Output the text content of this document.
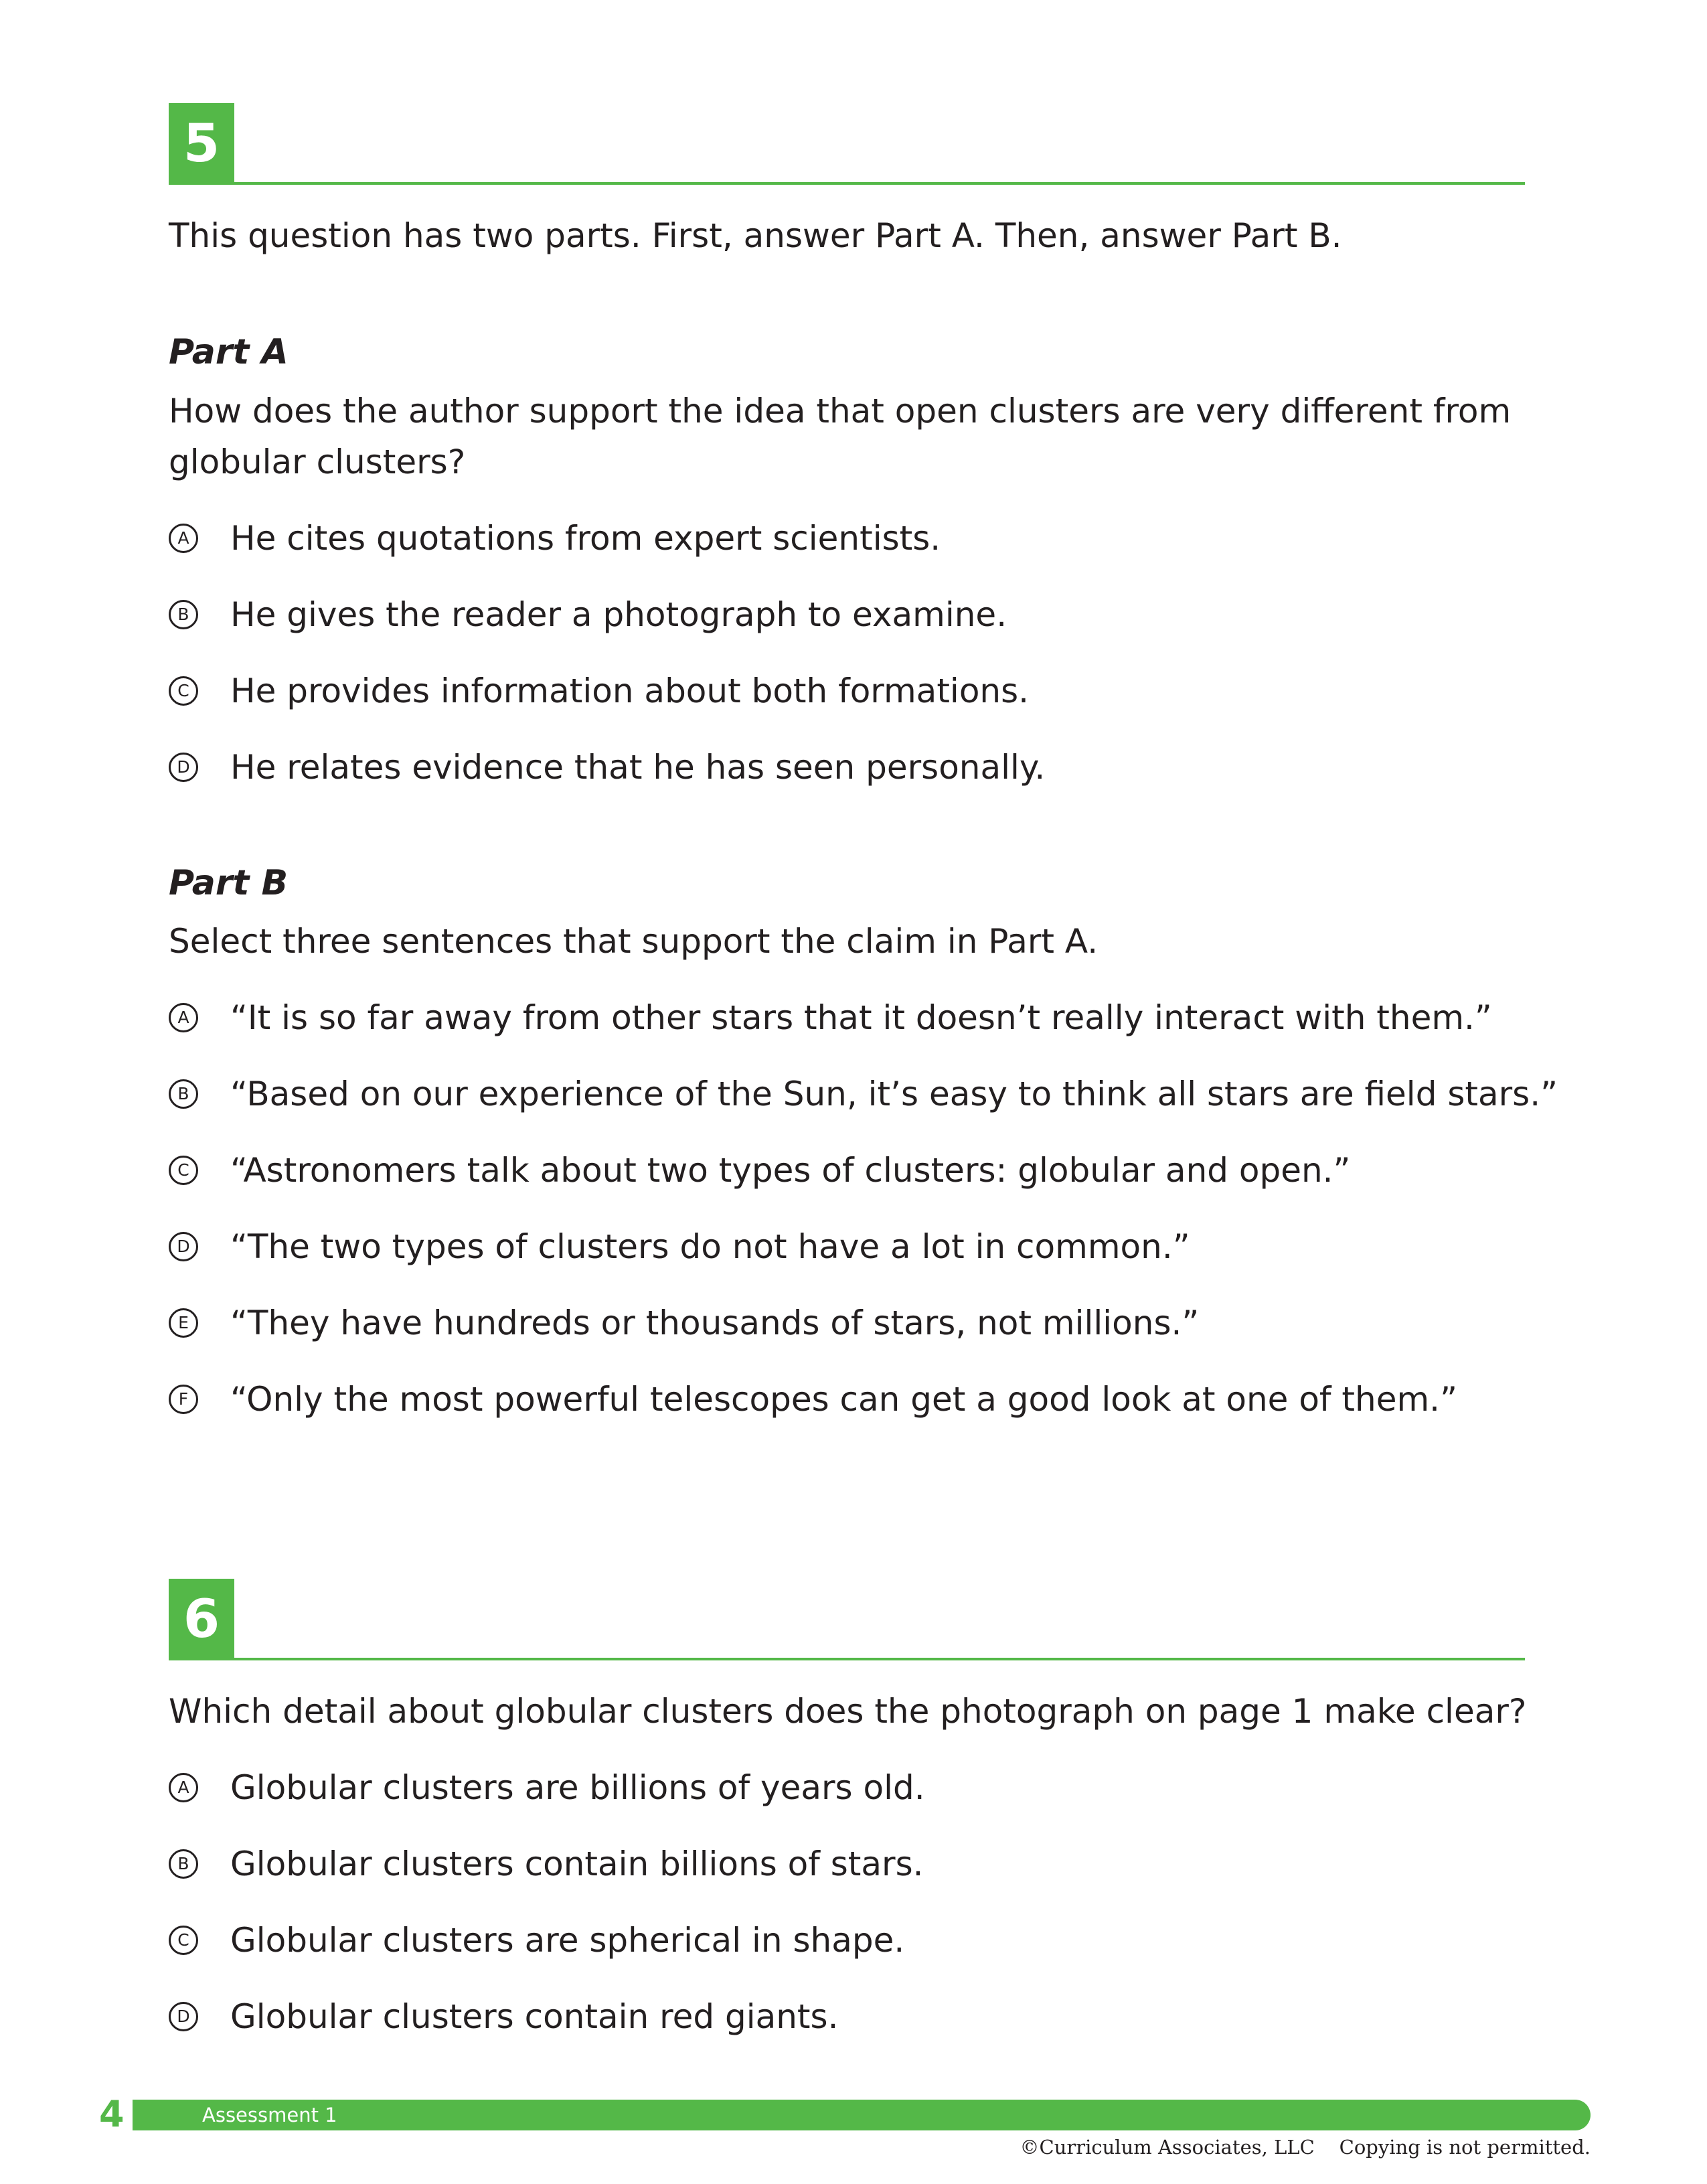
5

This question has two parts. First, answer Part A. Then, answer Part B.

Part A

How does the author support the idea that open clusters are very different from

globular clusters?

A He cites quotations from expert scientists.
B He gives the reader a photograph to examine.
C He provides information about both formations.
D He relates evidence that he has seen personally.

Part B

Select three sentences that support the claim in Part A.

A “It is so far away from other stars that it doesn’t really interact with them.”
B “Based on our experience of the Sun, it’s easy to think all stars are field stars.”
C “Astronomers talk about two types of clusters: globular and open.”
D “The two types of clusters do not have a lot in common.”
E “They have hundreds or thousands of stars, not millions.”
F “Only the most powerful telescopes can get a good look at one of them.”
6

Which detail about globular clusters does the photograph on page 1 make clear?

A Globular clusters are billions of years old.
B Globular clusters contain billions of stars.
C Globular clusters are spherical in shape.
D Globular clusters contain red giants.
4	Assessment 1
©Curriculum Associates, LLC    Copying is not permitted.
